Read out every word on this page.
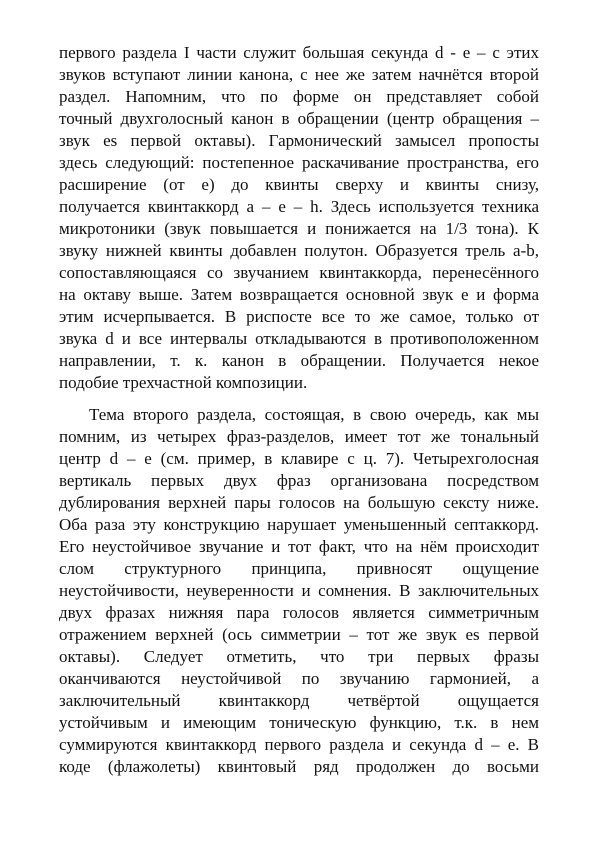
первого раздела I части служит большая секунда d - e – с этих
звуков вступают линии канона, с нее же затем начнётся второй
раздел. Напомним, что по форме он представляет собой
точный двухголосный канон в обращении (центр обращения –
звук es первой октавы). Гармонический замысел пропосты
здесь следующий: постепенное раскачивание пространства, его
расширение (от е) до квинты сверху и квинты снизу,
получается квинтаккорд a – e – h. Здесь используется техника
микротоники (звук повышается и понижается на 1/3 тона). К
звуку нижней квинты добавлен полутон. Образуется трель a-b,
сопоставляющаяся со звучанием квинтаккорда, перенесённого
на октаву выше. Затем возвращается основной звук e и форма
этим исчерпывается. В риспосте все то же самое, только от
звука d и все интервалы откладываются в противоположенном
направлении, т. к. канон в обращении. Получается некое
подобие трехчастной композиции.
Тема второго раздела, состоящая, в свою очередь, как мы
помним, из четырех фраз-разделов, имеет тот же тональный
центр d – e (см. пример, в клавире с ц. 7). Четырехголосная
вертикаль первых двух фраз организована посредством
дублирования верхней пары голосов на большую сексту ниже.
Оба раза эту конструкцию нарушает уменьшенный септаккорд.
Его неустойчивое звучание и тот факт, что на нём происходит
слом структурного принципа, привносят ощущение
неустойчивости, неуверенности и сомнения. В заключительных
двух фразах нижняя пара голосов является симметричным
отражением верхней (ось симметрии – тот же звук es первой
октавы). Следует отметить, что три первых фразы
оканчиваются неустойчивой по звучанию гармонией, а
заключительный квинтаккорд четвёртой ощущается
устойчивым и имеющим тоническую функцию, т.к. в нем
суммируются квинтаккорд первого раздела и секунда d – e. В
коде (флажолеты) квинтовый ряд продолжен до восьми
